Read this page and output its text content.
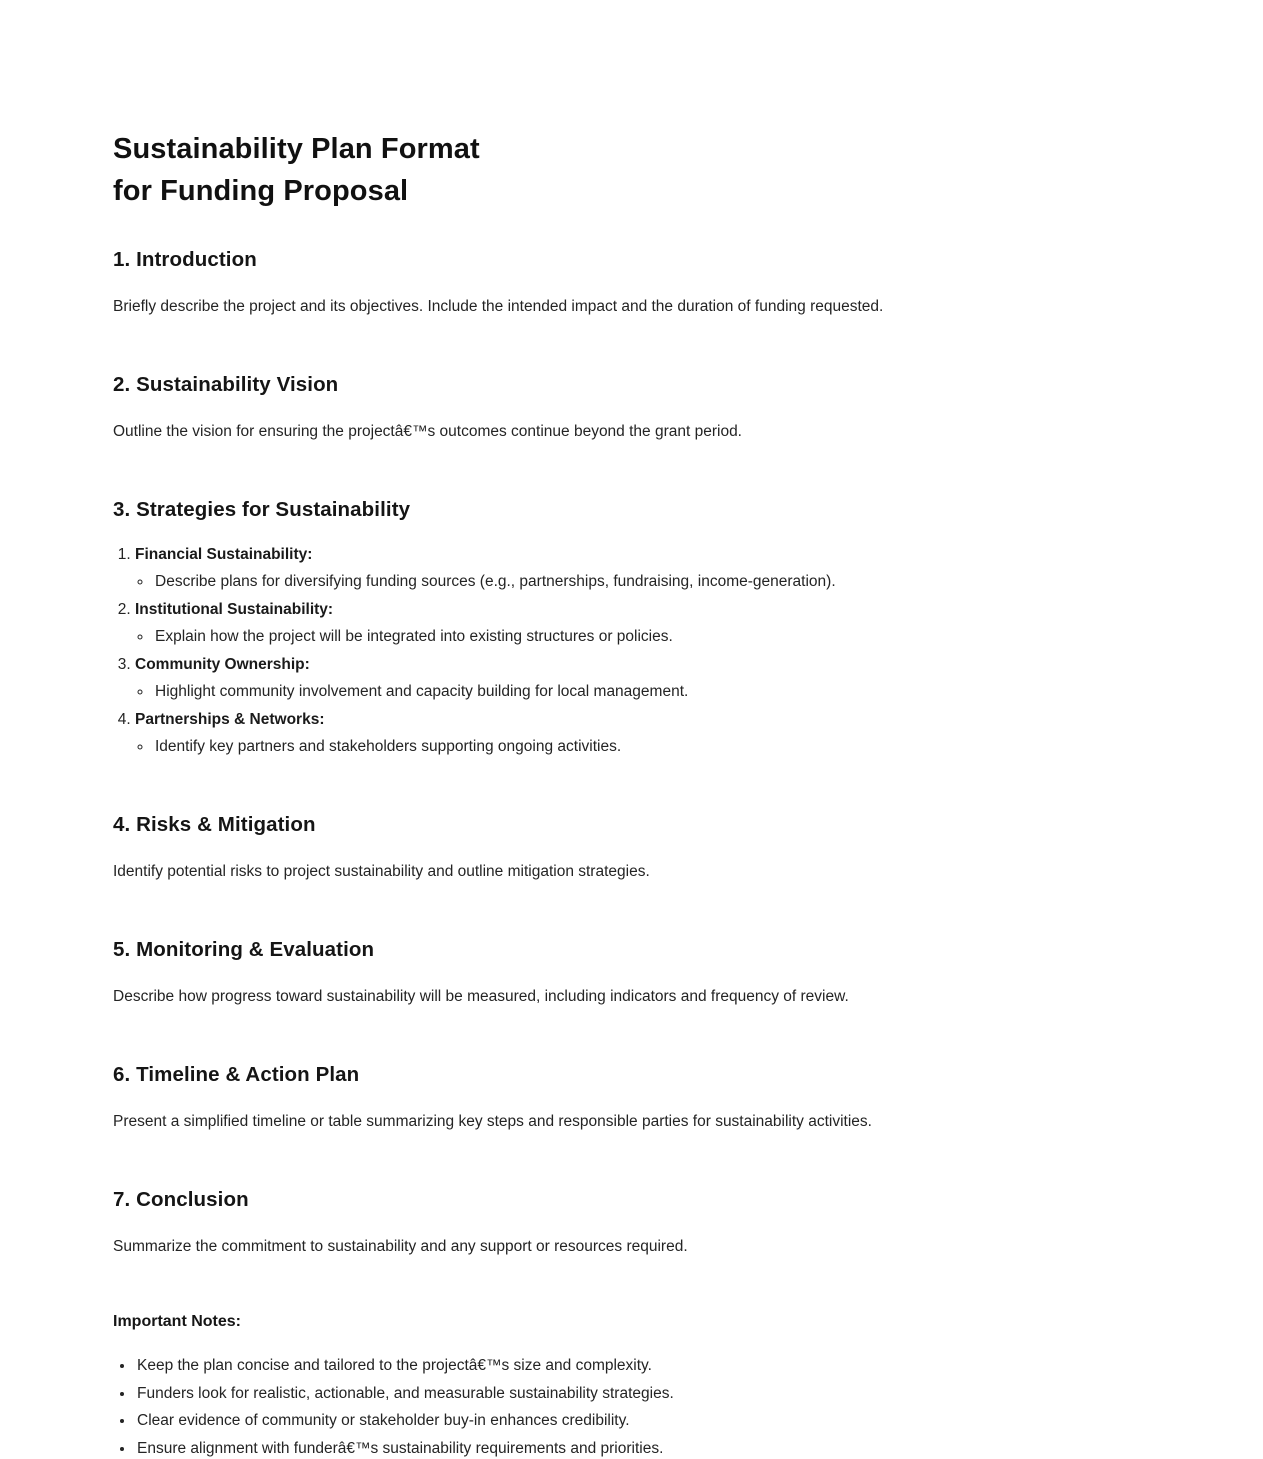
Sustainability Plan Format
for Funding Proposal
1. Introduction

Briefly describe the project and its objectives. Include the intended impact and the duration of funding requested.

2. Sustainability Vision

Outline the vision for ensuring the projectâ€™s outcomes continue beyond the grant period.

3. Strategies for Sustainability
1. Financial Sustainability:
◦ Describe plans for diversifying funding sources (e.g., partnerships, fundraising, income-generation).
2. Institutional Sustainability:
◦ Explain how the project will be integrated into existing structures or policies.
3. Community Ownership:
◦ Highlight community involvement and capacity building for local management.
4. Partnerships & Networks:
◦ Identify key partners and stakeholders supporting ongoing activities.
4. Risks & Mitigation

Identify potential risks to project sustainability and outline mitigation strategies.

5. Monitoring & Evaluation

Describe how progress toward sustainability will be measured, including indicators and frequency of review.

6. Timeline & Action Plan

Present a simplified timeline or table summarizing key steps and responsible parties for sustainability activities.

7. Conclusion

Summarize the commitment to sustainability and any support or resources required.

Important Notes:
• Keep the plan concise and tailored to the projectâ€™s size and complexity.
• Funders look for realistic, actionable, and measurable sustainability strategies.
• Clear evidence of community or stakeholder buy-in enhances credibility.
• Ensure alignment with funderâ€™s sustainability requirements and priorities.
